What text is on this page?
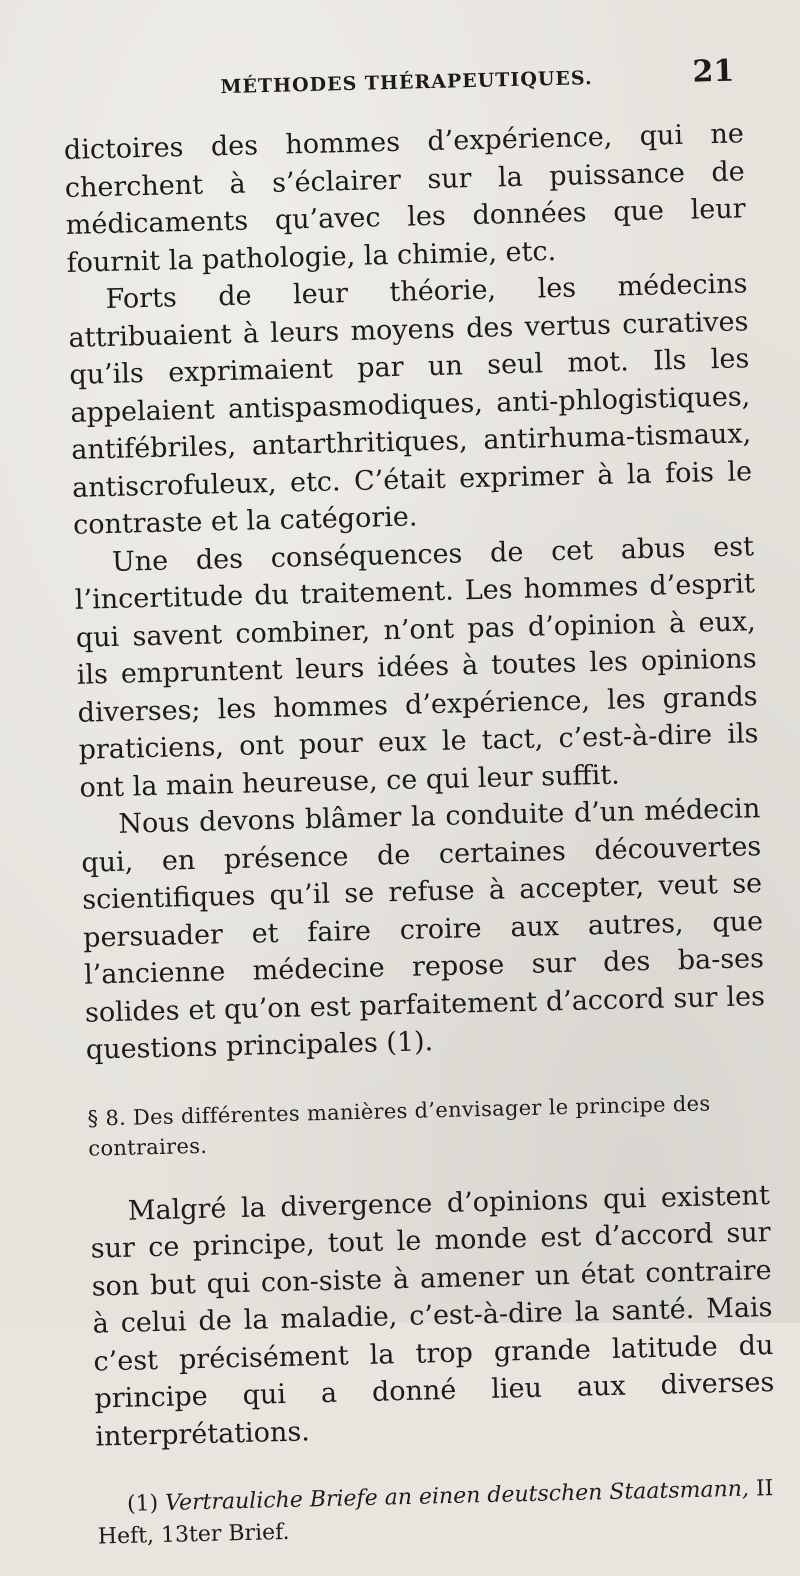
MÉTHODES THÉRAPEUTIQUES.	21

dictoires des hommes d’expérience, qui ne cherchent à s’éclairer sur la puissance de médicaments qu’avec les données que leur fournit la pathologie, la chimie, etc.

Forts de leur théorie, les médecins attribuaient à leurs moyens des vertus curatives qu’ils exprimaient par un seul mot. Ils les appelaient antispasmodiques, anti-phlogistiques, antifébriles, antarthritiques, antirhuma-tismaux, antiscrofuleux, etc. C’était exprimer à la fois le contraste et la catégorie.

Une des conséquences de cet abus est l’incertitude du traitement. Les hommes d’esprit qui savent combiner, n’ont pas d’opinion à eux, ils empruntent leurs idées à toutes les opinions diverses; les hommes d’expérience, les grands praticiens, ont pour eux le tact, c’est-à-dire ils ont la main heureuse, ce qui leur suffit.

Nous devons blâmer la conduite d’un médecin qui, en présence de certaines découvertes scientifiques qu’il se refuse à accepter, veut se persuader et faire croire aux autres, que l’ancienne médecine repose sur des ba-ses solides et qu’on est parfaitement d’accord sur les questions principales (1).

§ 8. Des différentes manières d’envisager le principe des contraires.

Malgré la divergence d’opinions qui existent sur ce principe, tout le monde est d’accord sur son but qui con-siste à amener un état contraire à celui de la maladie, c’est-à-dire la santé. Mais c’est précisément la trop grande latitude du principe qui a donné lieu aux diverses interprétations.

(1) Vertrauliche Briefe an einen deutschen Staatsmann, II Heft, 13ter Brief.
